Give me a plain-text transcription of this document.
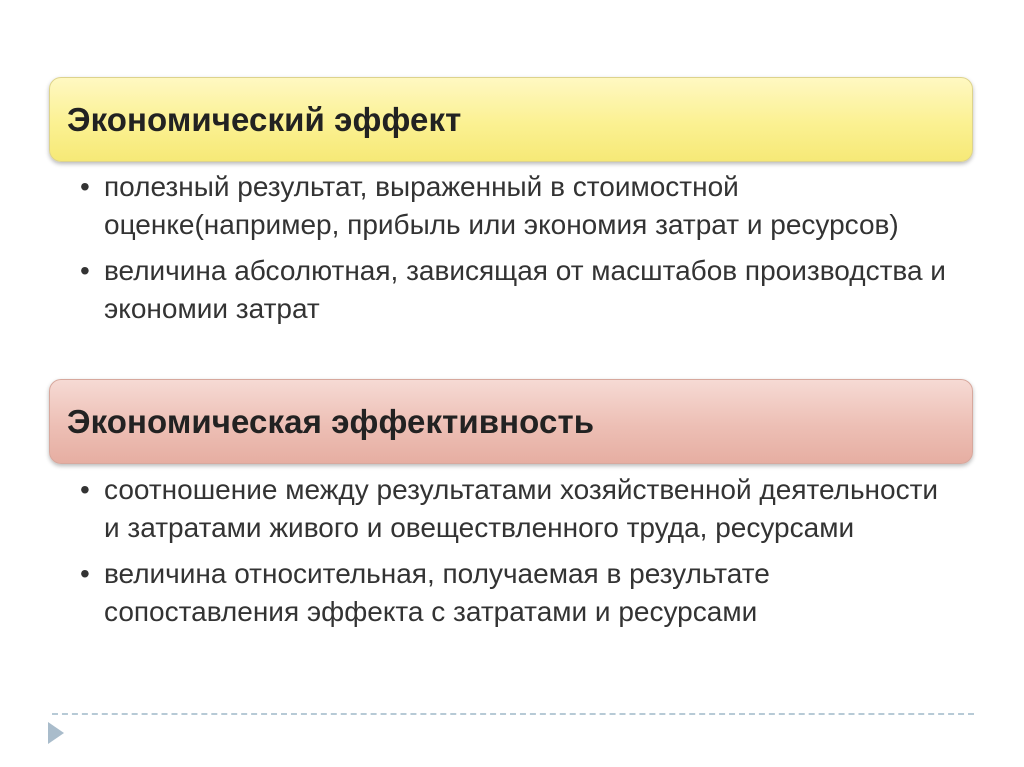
Экономический эффект
• полезный результат, выраженный в стоимостной оценке(например, прибыль или экономия затрат и ресурсов)
• величина абсолютная, зависящая от масштабов производства и экономии затрат
Экономическая эффективность
• соотношение между результатами хозяйственной деятельности и затратами живого и овеществленного труда, ресурсами
• величина относительная, получаемая в результате сопоставления эффекта с затратами и ресурсами
